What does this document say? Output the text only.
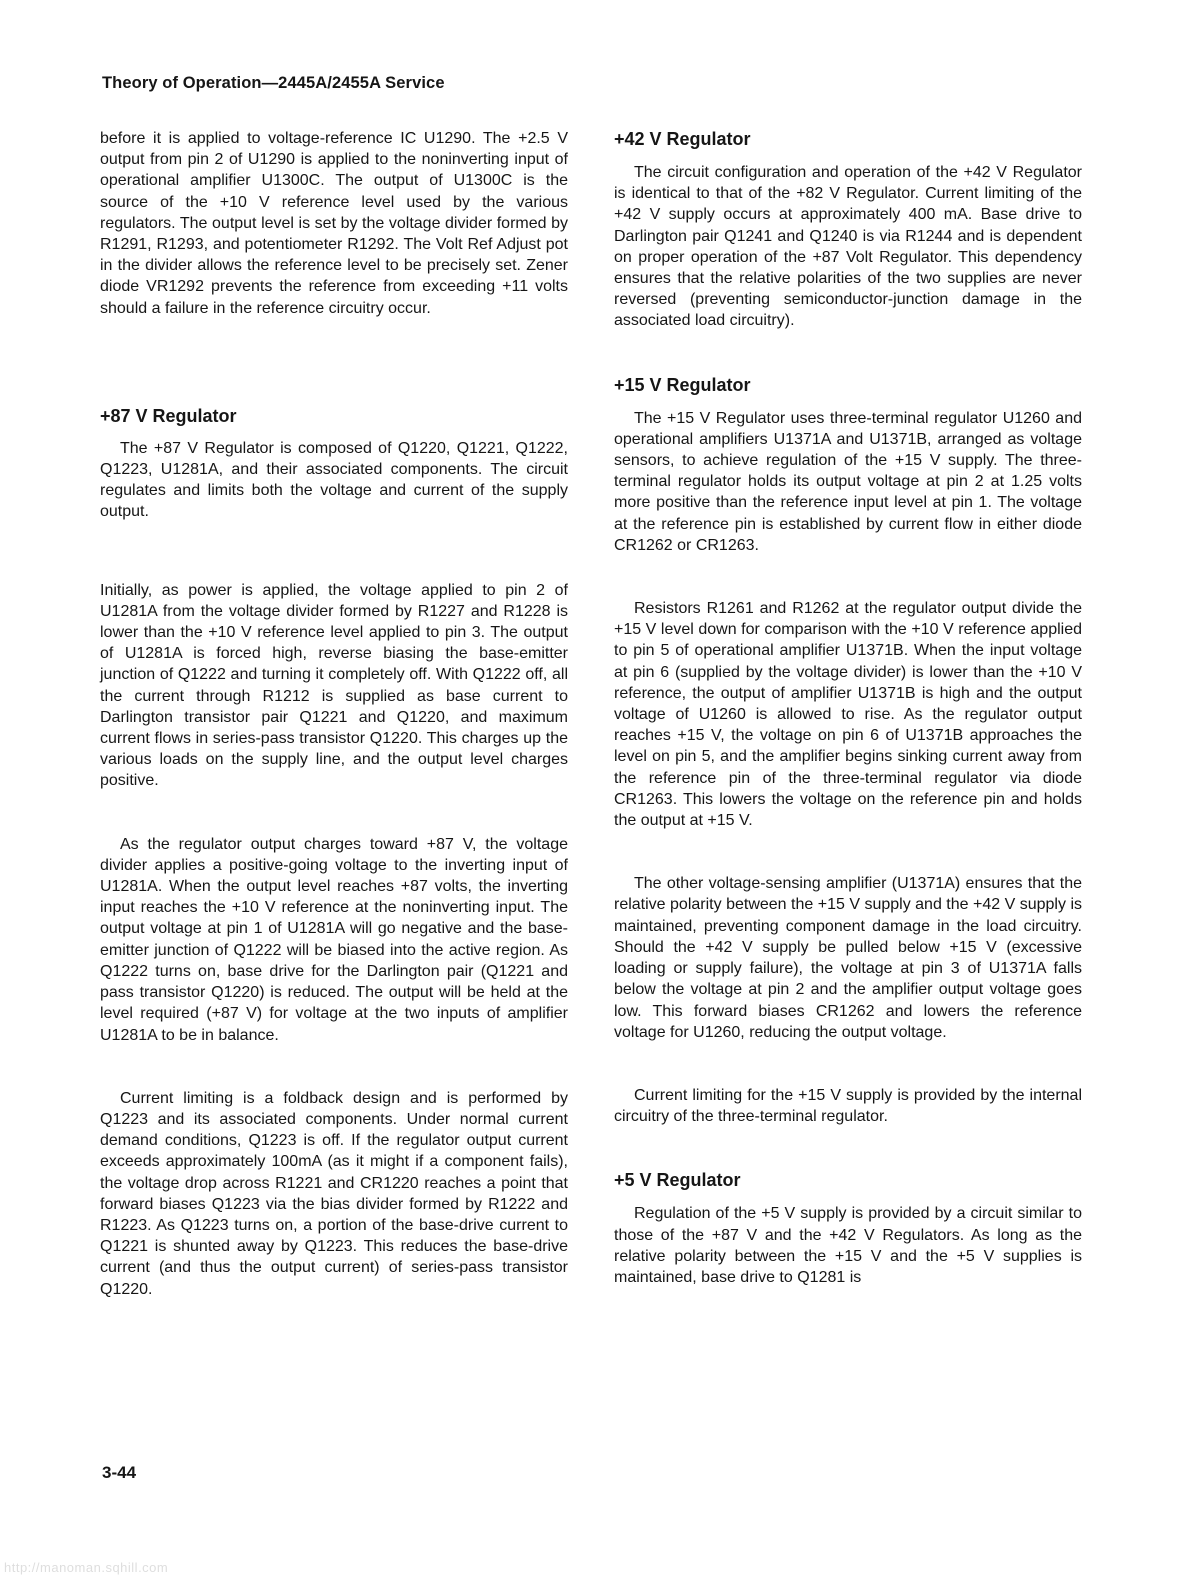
Theory of Operation—2445A/2455A Service

before it is applied to voltage-reference IC U1290. The +2.5 V output from pin 2 of U1290 is applied to the noninverting input of operational amplifier U1300C. The output of U1300C is the source of the +10 V reference level used by the various regulators. The output level is set by the voltage divider formed by R1291, R1293, and potentiometer R1292. The Volt Ref Adjust pot in the divider allows the reference level to be precisely set. Zener diode VR1292 prevents the reference from exceeding +11 volts should a failure in the reference circuitry occur.

+87 V Regulator

The +87 V Regulator is composed of Q1220, Q1221, Q1222, Q1223, U1281A, and their associated components. The circuit regulates and limits both the voltage and current of the supply output.

Initially, as power is applied, the voltage applied to pin 2 of U1281A from the voltage divider formed by R1227 and R1228 is lower than the +10 V reference level applied to pin 3. The output of U1281A is forced high, reverse biasing the base-emitter junction of Q1222 and turning it completely off. With Q1222 off, all the current through R1212 is supplied as base current to Darlington transistor pair Q1221 and Q1220, and maximum current flows in series-pass transistor Q1220. This charges up the various loads on the supply line, and the output level charges positive.

As the regulator output charges toward +87 V, the voltage divider applies a positive-going voltage to the inverting input of U1281A. When the output level reaches +87 volts, the inverting input reaches the +10 V reference at the noninverting input. The output voltage at pin 1 of U1281A will go negative and the base-emitter junction of Q1222 will be biased into the active region. As Q1222 turns on, base drive for the Darlington pair (Q1221 and pass transistor Q1220) is reduced. The output will be held at the level required (+87 V) for voltage at the two inputs of amplifier U1281A to be in balance.

Current limiting is a foldback design and is performed by Q1223 and its associated components. Under normal current demand conditions, Q1223 is off. If the regulator output current exceeds approximately 100mA (as it might if a component fails), the voltage drop across R1221 and CR1220 reaches a point that forward biases Q1223 via the bias divider formed by R1222 and R1223. As Q1223 turns on, a portion of the base-drive current to Q1221 is shunted away by Q1223. This reduces the base-drive current (and thus the output current) of series-pass transistor Q1220.

+42 V Regulator

The circuit configuration and operation of the +42 V Regulator is identical to that of the +82 V Regulator. Current limiting of the +42 V supply occurs at approximately 400 mA. Base drive to Darlington pair Q1241 and Q1240 is via R1244 and is dependent on proper operation of the +87 Volt Regulator. This dependency ensures that the relative polarities of the two supplies are never reversed (preventing semiconductor-junction damage in the associated load circuitry).

+15 V Regulator

The +15 V Regulator uses three-terminal regulator U1260 and operational amplifiers U1371A and U1371B, arranged as voltage sensors, to achieve regulation of the +15 V supply. The three-terminal regulator holds its output voltage at pin 2 at 1.25 volts more positive than the reference input level at pin 1. The voltage at the reference pin is established by current flow in either diode CR1262 or CR1263.

Resistors R1261 and R1262 at the regulator output divide the +15 V level down for comparison with the +10 V reference applied to pin 5 of operational amplifier U1371B. When the input voltage at pin 6 (supplied by the voltage divider) is lower than the +10 V reference, the output of amplifier U1371B is high and the output voltage of U1260 is allowed to rise. As the regulator output reaches +15 V, the voltage on pin 6 of U1371B approaches the level on pin 5, and the amplifier begins sinking current away from the reference pin of the three-terminal regulator via diode CR1263. This lowers the voltage on the reference pin and holds the output at +15 V.

The other voltage-sensing amplifier (U1371A) ensures that the relative polarity between the +15 V supply and the +42 V supply is maintained, preventing component damage in the load circuitry. Should the +42 V supply be pulled below +15 V (excessive loading or supply failure), the voltage at pin 3 of U1371A falls below the voltage at pin 2 and the amplifier output voltage goes low. This forward biases CR1262 and lowers the reference voltage for U1260, reducing the output voltage.

Current limiting for the +15 V supply is provided by the internal circuitry of the three-terminal regulator.

+5 V Regulator

Regulation of the +5 V supply is provided by a circuit similar to those of the +87 V and the +42 V Regulators. As long as the relative polarity between the +15 V and the +5 V supplies is maintained, base drive to Q1281 is

3-44
http://manoman.sqhill.com
